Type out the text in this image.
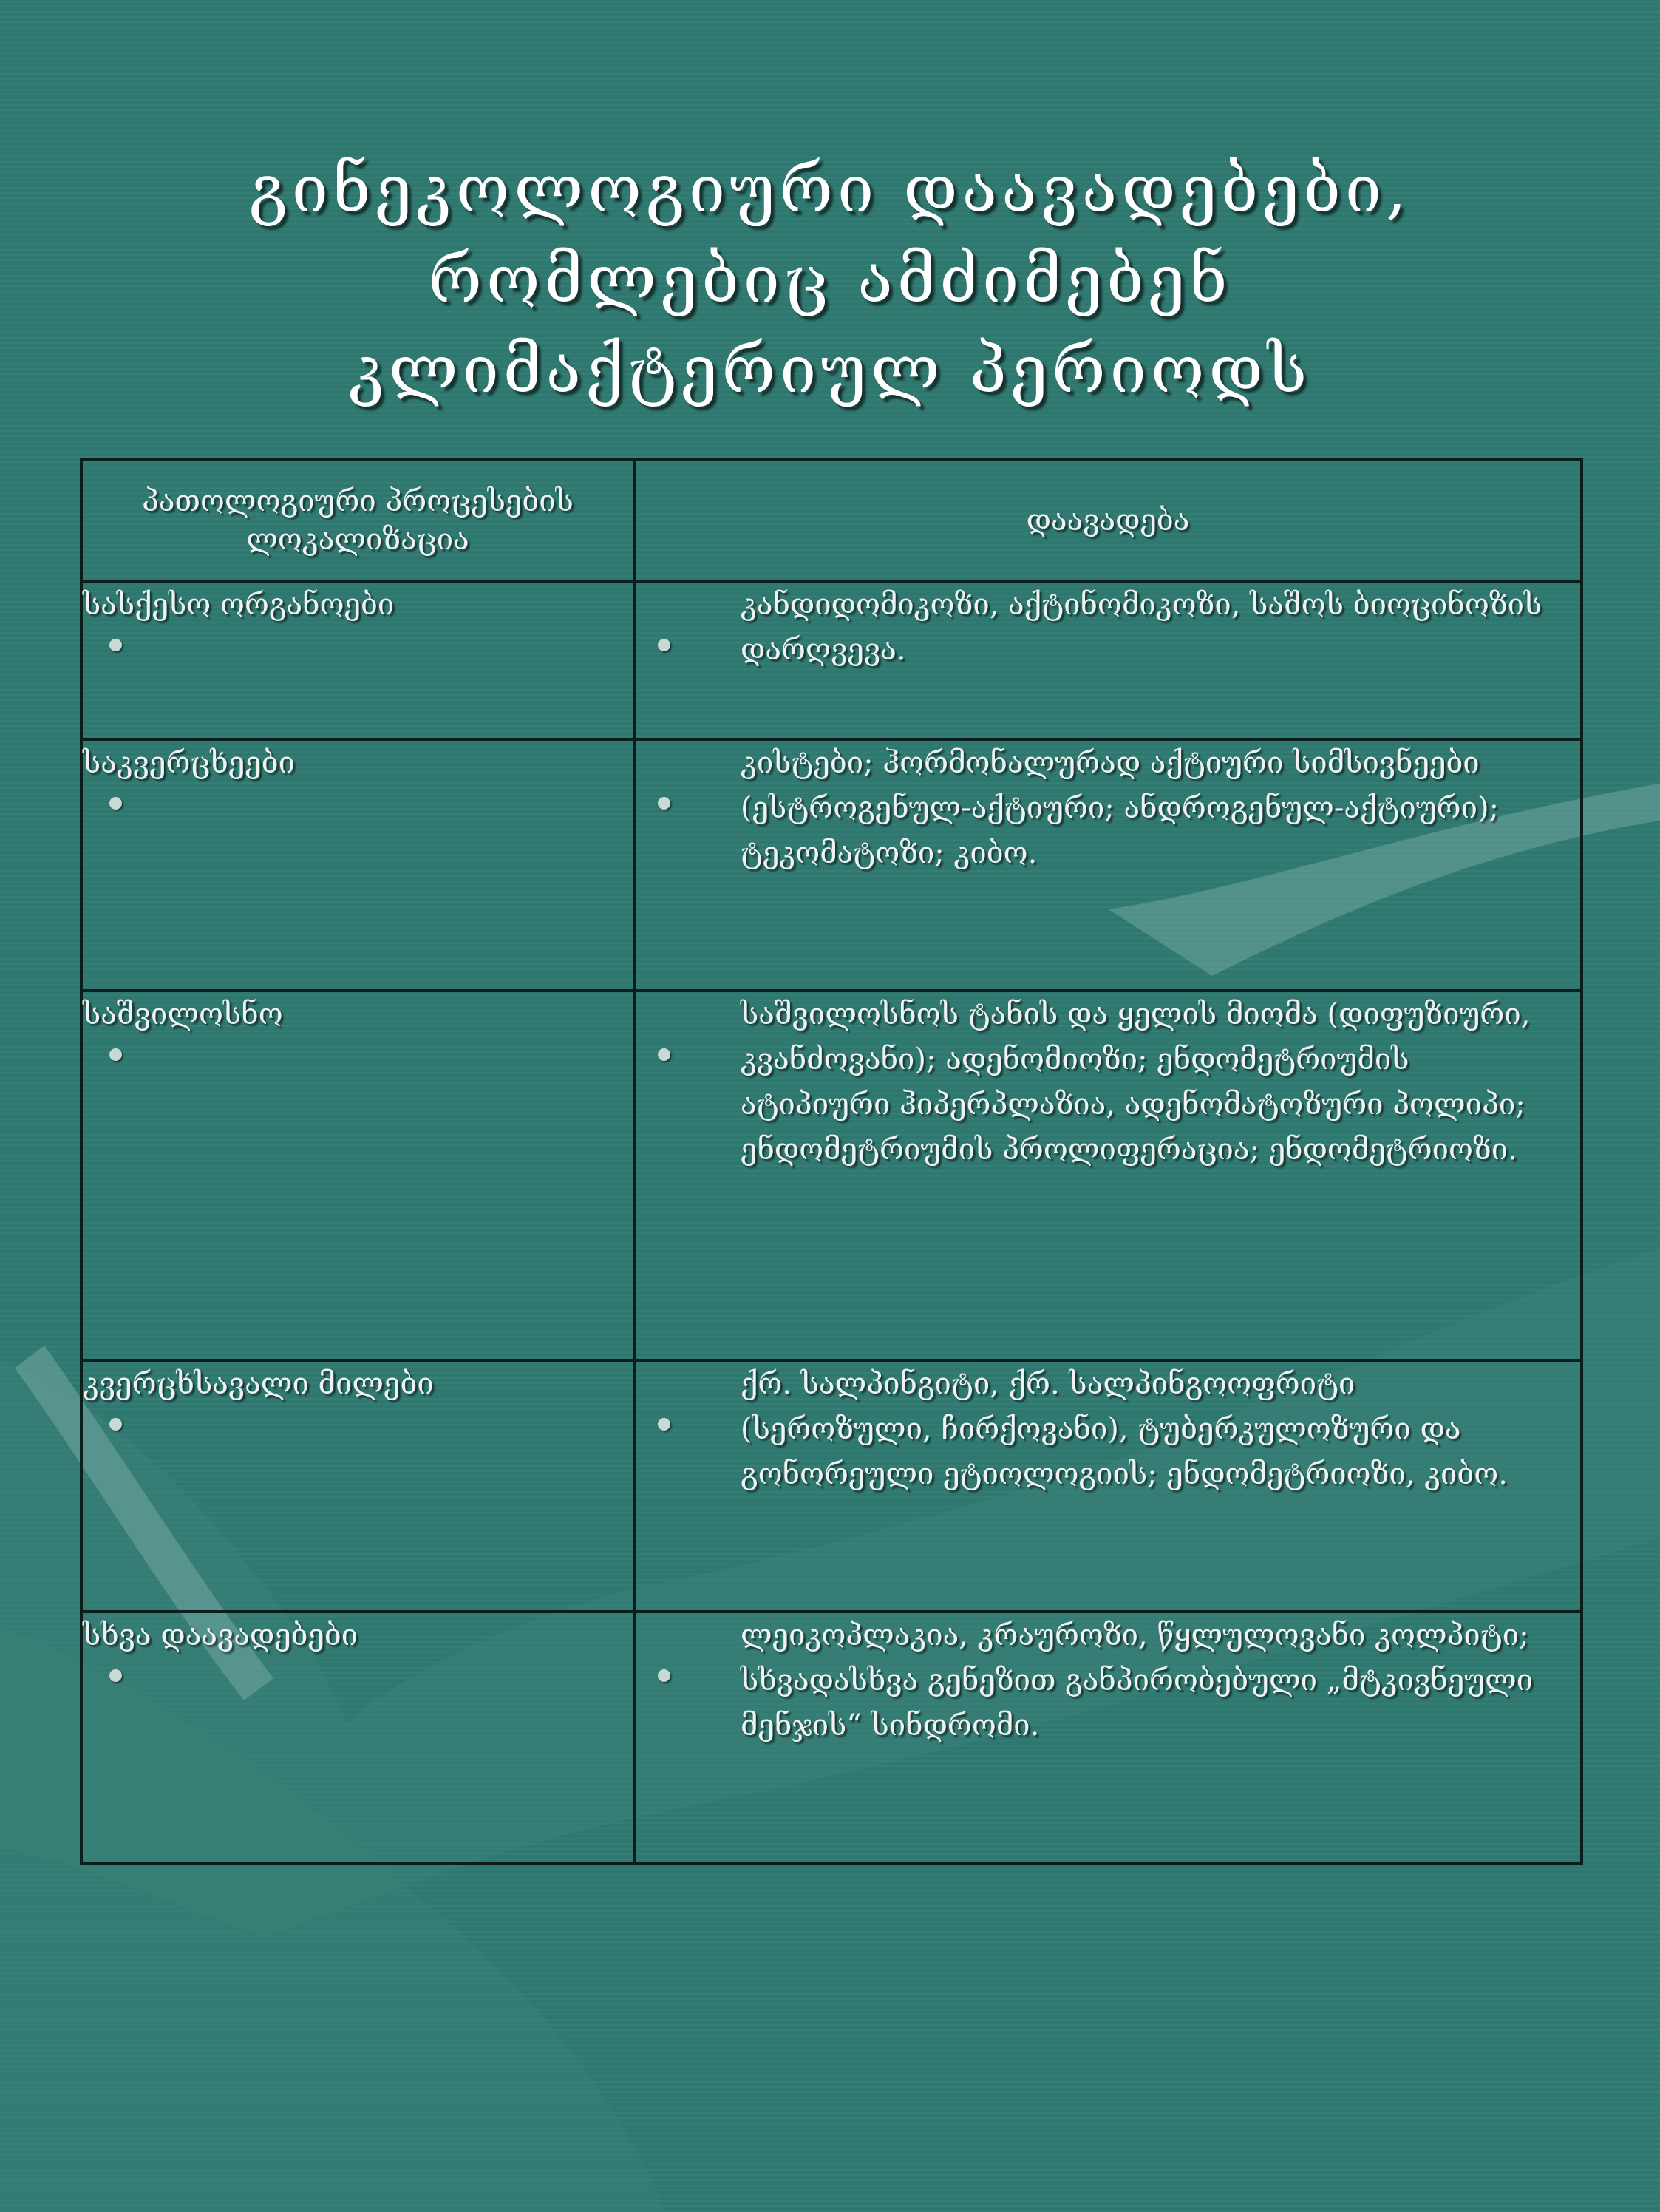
გინეკოლოგიური დაავადებები,
რომლებიც ამძიმებენ
კლიმაქტერიულ პერიოდს
პათოლოგიური პროცესების ლოკალიზაცია	დაავადება

სასქესო ორგანოები	კანდიდომიკოზი, აქტინომიკოზი, საშოს ბიოცინოზის დარღვევა.

საკვერცხეები	კისტები; ჰორმონალურად აქტიური სიმსივნეები (ესტროგენულ-აქტიური; ანდროგენულ-აქტიური); ტეკომატოზი; კიბო.

საშვილოსნო	საშვილოსნოს ტანის და ყელის მიომა (დიფუზიური, კვანძოვანი); ადენომიოზი; ენდომეტრიუმის ატიპიური ჰიპერპლაზია, ადენომატოზური პოლიპი; ენდომეტრიუმის პროლიფერაცია; ენდომეტრიოზი.

კვერცხსავალი მილები	ქრ. სალპინგიტი, ქრ. სალპინგოოფრიტი (სეროზული, ჩირქოვანი), ტუბერკულოზური და გონორეული ეტიოლოგიის; ენდომეტრიოზი, კიბო.

სხვა დაავადებები	ლეიკოპლაკია, კრაუროზი, წყლულოვანი კოლპიტი; სხვადასხვა გენეზით განპირობებული „მტკივნეული მენჯის“ სინდრომი.
